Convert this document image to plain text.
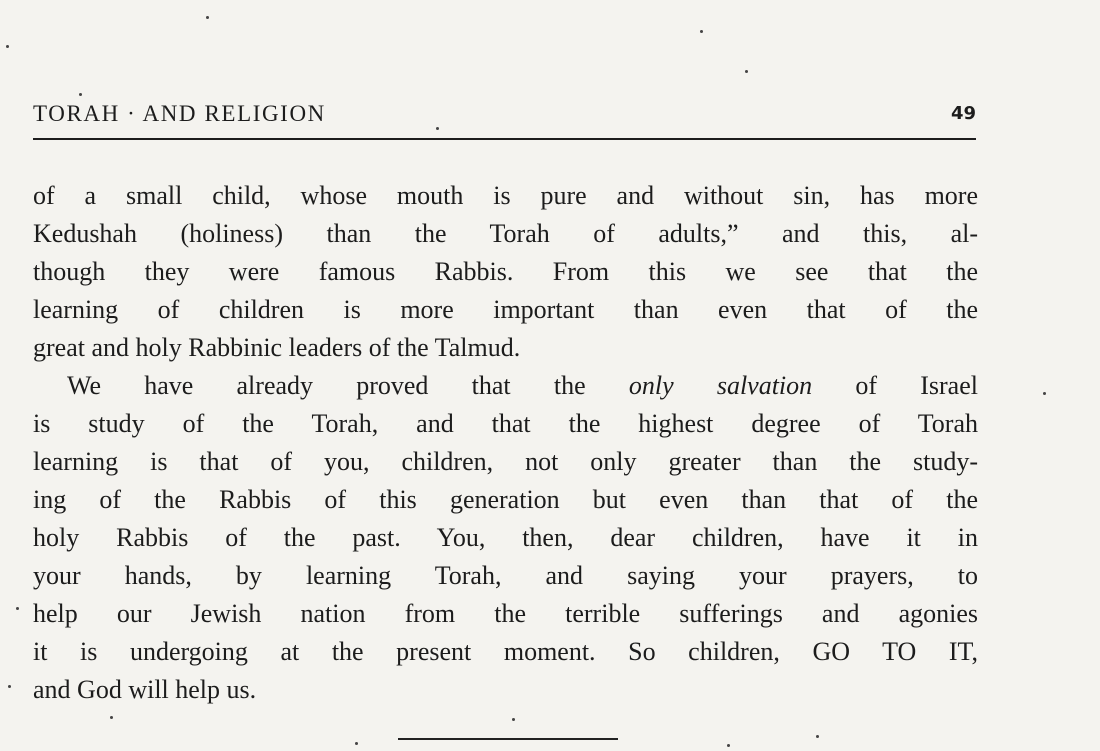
TORAH · AND RELIGION	49
of a small child, whose mouth is pure and without sin, has more
Kedushah (holiness) than the Torah of adults,” and this, al-
though they were famous Rabbis. From this we see that the
learning of children is more important than even that of the
great and holy Rabbinic leaders of the Talmud.
We have already proved that the only salvation of Israel
is study of the Torah, and that the highest degree of Torah
learning is that of you, children, not only greater than the study-
ing of the Rabbis of this generation but even than that of the
holy Rabbis of the past. You, then, dear children, have it in
your hands, by learning Torah, and saying your prayers, to
help our Jewish nation from the terrible sufferings and agonies
it is undergoing at the present moment. So children, GO TO IT,
and God will help us.
